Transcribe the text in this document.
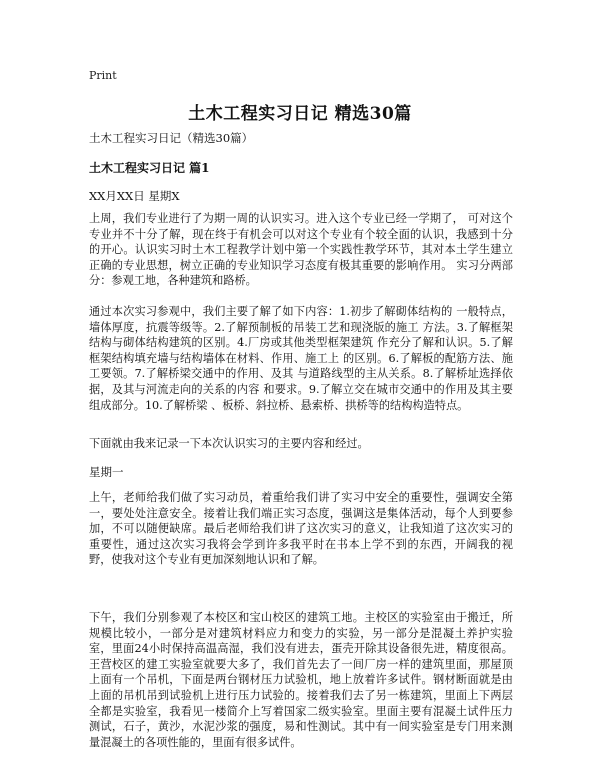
Print
土木工程实习日记 精选30篇
土木工程实习日记（精选30篇）
土木工程实习日记 篇1
XX月XX日 星期X

上周，我们专业进行了为期一周的认识实习。进入这个专业已经一学期了， 可对这个专业并不十分了解，现在终于有机会可以对这个专业有个较全面的认识，我感到十分的开心。认识实习时土木工程教学计划中第一个实践性教学环节，其对本土学生建立 正确的专业思想，树立正确的专业知识学习态度有极其重要的影响作用。 实习分两部分：参观工地，各种建筑和路桥。

通过本次实习参观中，我们主要了解了如下内容：1.初步了解砌体结构的 一般特点，墙体厚度，抗震等级等。2.了解预制板的吊装工艺和现浇版的施工 方法。3.了解框架结构与砌体结构建筑的区别。4.厂房或其他类型框架建筑 作充分了解和认识。5.了解框架结构填充墙与结构墙体在材料、作用、施工上 的区别。6.了解板的配筋方法、施工要领。7.了解桥梁交通中的作用、及其 与道路线型的主从关系。8.了解桥址选择依据，及其与河流走向的关系的内容 和要求。9.了解立交在城市交通中的作用及其主要组成部分。10.了解桥梁 、板桥、斜拉桥、悬索桥、拱桥等的结构构造特点。

下面就由我来记录一下本次认识实习的主要内容和经过。

星期一

上午，老师给我们做了实习动员，着重给我们讲了实习中安全的重要性，强调安全第一，要处处注意安全。接着让我们端正实习态度，强调这是集体活动，每个人到要参加，不可以随便缺席。最后老师给我们讲了这次实习的意义，让我知道了这次实习的重要性，通过这次实习我将会学到许多我平时在书本上学不到的东西，开阔我的视野，使我对这个专业有更加深刻地认识和了解。

下午，我们分别参观了本校区和宝山校区的建筑工地。主校区的实验室由于搬迁，所规模比较小，一部分是对建筑材料应力和变力的实验，另一部分是混凝土养护实验室，里面24小时保持高温高湿，我们没有进去，蛋壳开除其设备很先进，精度很高。王营校区的建工实验室就要大多了，我们首先去了一间厂房一样的建筑里面，那屋顶上面有一个吊机，下面是两台钢材压力试验机，地上放着许多试件。钢材断面就是由上面的吊机吊到试验机上进行压力试验的。接着我们去了另一栋建筑，里面上下两层全都是实验室，我看见一楼简介上写着国家二级实验室。里面主要有混凝土试件压力测试，石子，黄沙，水泥沙浆的强度，易和性测试。其中有一间实验室是专门用来测量混凝土的各项性能的，里面有很多试件。
